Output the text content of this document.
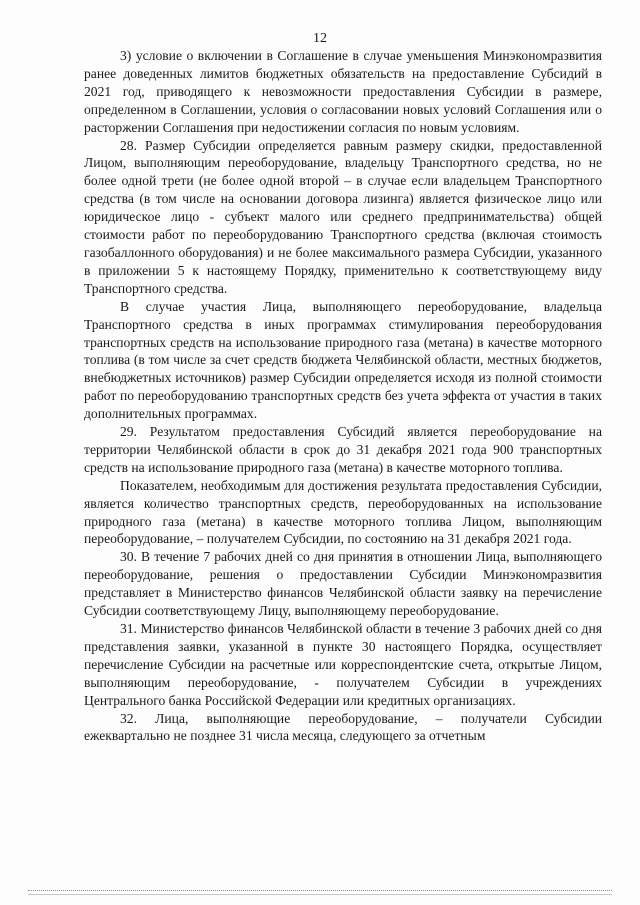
12

3) условие о включении в Соглашение в случае уменьшения Минэкономразвития ранее доведенных лимитов бюджетных обязательств на предоставление Субсидий в 2021 год, приводящего к невозможности предоставления Субсидии в размере, определенном в Соглашении, условия о согласовании новых условий Соглашения или о расторжении Соглашения при недостижении согласия по новым условиям.

28. Размер Субсидии определяется равным размеру скидки, предоставленной Лицом, выполняющим переоборудование, владельцу Транспортного средства, но не более одной трети (не более одной второй – в случае если владельцем Транспортного средства (в том числе на основании договора лизинга) является физическое лицо или юридическое лицо - субъект малого или среднего предпринимательства) общей стоимости работ по переоборудованию Транспортного средства (включая стоимость газобаллонного оборудования) и не более максимального размера Субсидии, указанного в приложении 5 к настоящему Порядку, применительно к соответствующему виду Транспортного средства.

В случае участия Лица, выполняющего переоборудование, владельца Транспортного средства в иных программах стимулирования переоборудования транспортных средств на использование природного газа (метана) в качестве моторного топлива (в том числе за счет средств бюджета Челябинской области, местных бюджетов, внебюджетных источников) размер Субсидии определяется исходя из полной стоимости работ по переоборудованию транспортных средств без учета эффекта от участия в таких дополнительных программах.

29. Результатом предоставления Субсидий является переоборудование на территории Челябинской области в срок до 31 декабря 2021 года 900 транспортных средств на использование природного газа (метана) в качестве моторного топлива.

Показателем, необходимым для достижения результата предоставления Субсидии, является количество транспортных средств, переоборудованных на использование природного газа (метана) в качестве моторного топлива Лицом, выполняющим переоборудование, – получателем Субсидии, по состоянию на 31 декабря 2021 года.

30. В течение 7 рабочих дней со дня принятия в отношении Лица, выполняющего переоборудование, решения о предоставлении Субсидии Минэкономразвития представляет в Министерство финансов Челябинской области заявку на перечисление Субсидии соответствующему Лицу, выполняющему переоборудование.

31. Министерство финансов Челябинской области в течение 3 рабочих дней со дня представления заявки, указанной в пункте 30 настоящего Порядка, осуществляет перечисление Субсидии на расчетные или корреспондентские счета, открытые Лицом, выполняющим переоборудование, - получателем Субсидии в учреждениях Центрального банка Российской Федерации или кредитных организациях.

32. Лица, выполняющие переоборудование, – получатели Субсидии ежеквартально не позднее 31 числа месяца, следующего за отчетным
